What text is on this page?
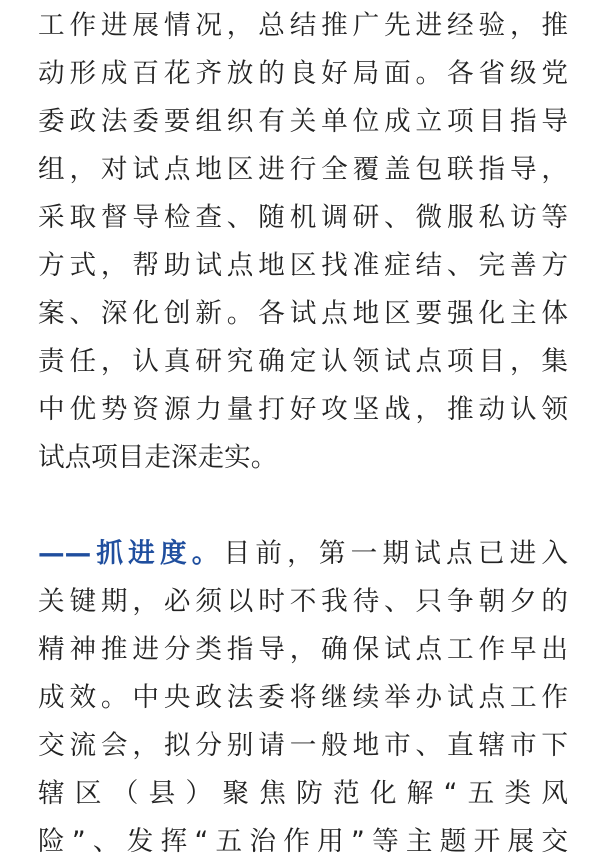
工作进展情况，总结推广先进经验，推
动形成百花齐放的良好局面。各省级党
委政法委要组织有关单位成立项目指导
组，对试点地区进行全覆盖包联指导，
采取督导检查、随机调研、微服私访等
方式，帮助试点地区找准症结、完善方
案、深化创新。各试点地区要强化主体
责任，认真研究确定认领试点项目，集
中优势资源力量打好攻坚战，推动认领
试点项目走深走实。
——抓进度。目前，第一期试点已进入
关键期，必须以时不我待、只争朝夕的
精神推进分类指导，确保试点工作早出
成效。中央政法委将继续举办试点工作
交流会，拟分别请一般地市、直辖市下
辖区（县）聚焦防范化解“五类风
险”、发挥“五治作用”等主题开展交
